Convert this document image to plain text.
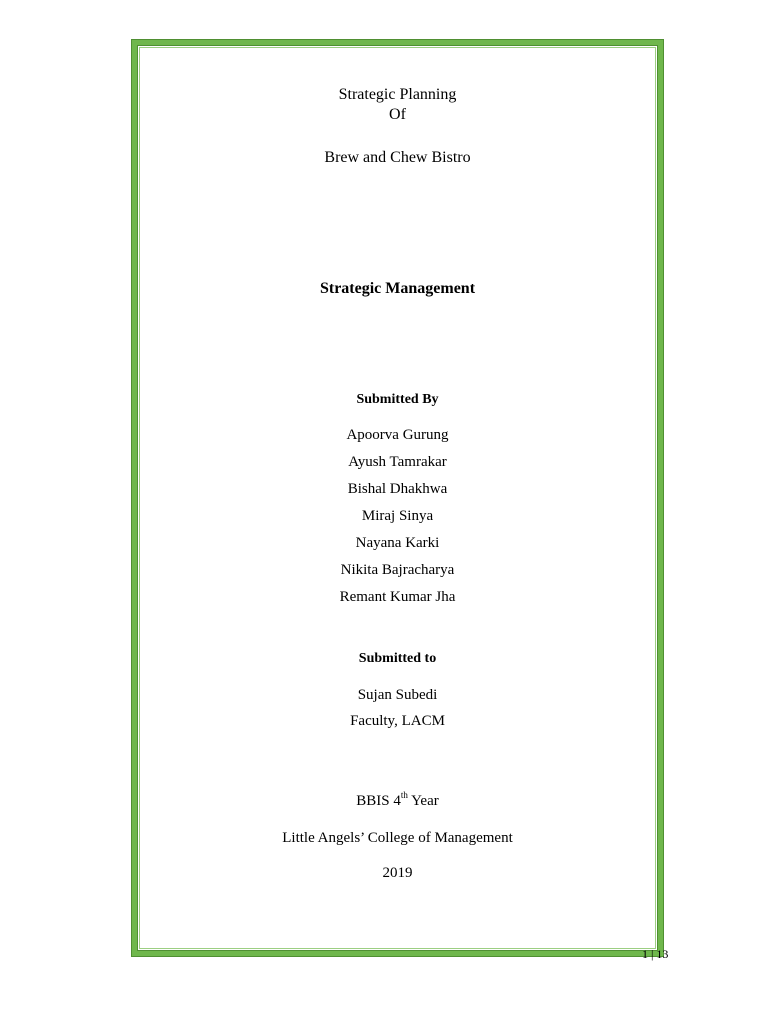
Strategic Planning
Of
Brew and Chew Bistro
Strategic Management
Submitted By
Apoorva Gurung
Ayush Tamrakar
Bishal Dhakhwa
Miraj Sinya
Nayana Karki
Nikita Bajracharya
Remant Kumar Jha
Submitted to
Sujan Subedi
Faculty, LACM
BBIS 4th Year
Little Angels’ College of Management
2019
1 | 13
